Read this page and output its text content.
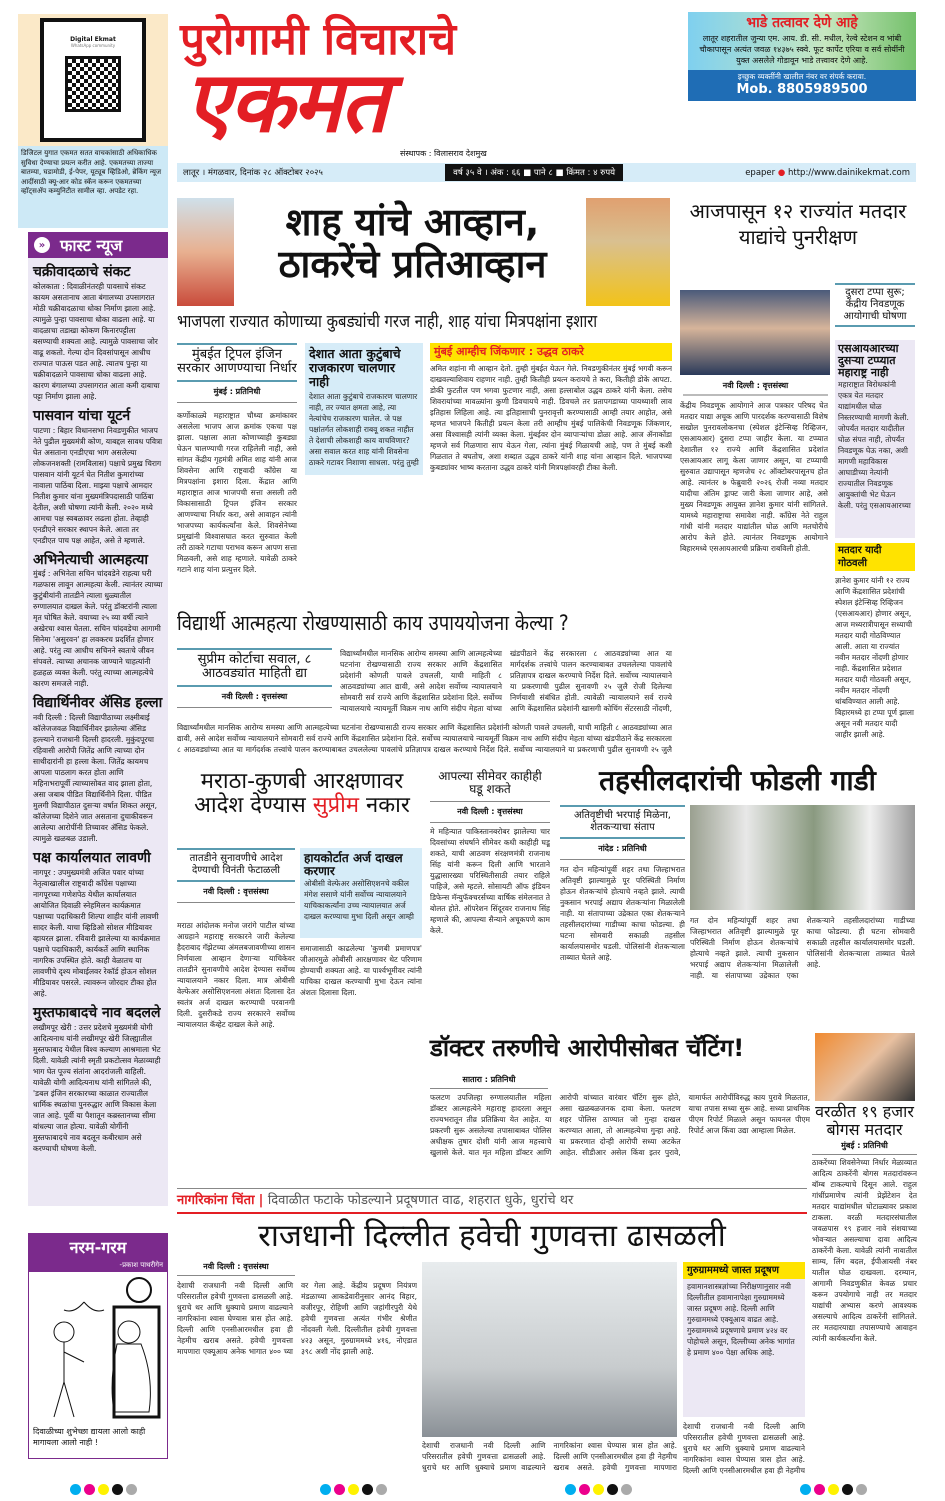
Digital Ekmat
WhatsApp community
डिजिटल युगात एकमत सतत वाचकांसाठी अधिकाधिक सुविधा देण्याचा प्रयत्न करीत आहे. एकमतच्या ताज्या बातम्या, घडामोडी, ई-पेपर, यूट्यूब व्हिडिओ, ब्रेकिंग न्यूज आदींसाठी क्यू-आर कोड स्कॅन करून एकमतच्या व्हॉट्सअ‍ॅप कम्युनिटीत सामील व्हा. अपडेट रहा.
» फास्ट न्यूज
चक्रीवादळाचे संकट
कोलकाता : दिवाळीनंतरही पावसाचे संकट कायम असतानाच आता बंगालच्या उपसागरात मोठी चक्रीवादळाचा धोका निर्माण झाला आहे. त्यामुळे पुन्हा पावसाचा धोका वाढला आहे. या वादळाचा तडाखा कोकण किनारपट्टीला बसण्याची शक्यता आहे. त्यामुळे पावसाचा जोर वाढू शकतो. गेल्या दोन दिवसांपासून आधीच राज्यात पाऊस पडत आहे. त्यातच पुन्हा या चक्रीवादळाने पावसाचा धोका वाढला आहे. कारण बंगालच्या उपसागरात आता कमी दाबाचा पट्टा निर्माण झाला आहे.
पासवान यांचा यूटर्न
पाटणा : बिहार विधानसभा निवडणुकीत भाजप नेते पुढील मुख्यमंत्री कोण, याबद्दल सावध पवित्रा घेत असताना एनडीएचा भाग असलेल्या लोकजनशक्ती (रामविलास) पक्षाचे प्रमुख चिराग पासवान यांनी यूटर्न घेत नितीश कुमारांच्या नावाला पाठिंबा दिला. माझ्या पक्षाचे आमदार नितीश कुमार यांना मुख्यमंत्रिपदासाठी पाठिंबा देतील, अशी घोषणा त्यांनी केली. २०२० मध्ये आमचा पक्ष स्वबळावर लढला होता. तेव्हाही एनडीएने सरकार स्थापन केले. आता तर एनडीएत पाच पक्ष आहेत, असे ते म्हणाले.
अभिनेत्याची आत्महत्या
मुंबई : अभिनेता सचिन चांदवडेने राहत्या घरी गळफास लावून आत्महत्या केली. त्यानंतर त्याच्या कुटुंबीयांनी तातडीने त्याला धुळ्यातील रुग्णालयात दाखल केले. परंतु डॉक्टरांनी त्याला मृत घोषित केले. वयाच्या २५ व्या वर्षी त्याने अखेरचा श्वास घेतला. सचिन चांदवडेचा आगामी सिनेमा 'असुरवन' हा लवकरच प्रदर्शित होणार आहे. परंतु त्या आधीच सचिनने स्वतःचे जीवन संपवले. त्याच्या अचानक जाण्याने चाहत्यांनी हळहळ व्यक्त केली. परंतु त्याच्या आत्महत्येचे कारण समजले नाही.
विद्यार्थिनीवर ॲसिड हल्ला
नवी दिल्ली : दिल्ली विद्यापीठाच्या लक्ष्मीबाई कॉलेजजवळ विद्यार्थिनीवर झालेल्या ॲसिड हल्ल्याने राजधानी दिल्ली हादरली. मुकुंदपूरचा रहिवासी आरोपी जितेंद्र आणि त्याच्या दोन साथीदारांनी हा हल्ला केला. जितेंद्र कायमच आपला पाठलाग करत होता आणि महिनाभरापूर्वी त्याच्यासोबत वाद झाला होता, असा जबाब पीडित विद्यार्थिनीने दिला. पीडित मुलगी विद्यापीठात दुसऱ्या वर्षात शिकत असून, कॉलेजच्या दिशेने जात असताना दुचाकीवरून आलेल्या आरोपींनी तिच्यावर ॲसिड फेकले. त्यामुळे खळबळ उडाली.
पक्ष कार्यालयात लावणी
नागपूर : उपमुख्यमंत्री अजित पवार यांच्या नेतृत्वाखालील राष्ट्रवादी काँग्रेस पक्षाच्या नागपूरच्या गणेशपेठ येथील कार्यालयात आयोजित दिवाळी स्नेहमिलन कार्यक्रमात पक्षाच्या पदाधिकारी शिल्पा शाहीर यांनी लावणी सादर केली. याचा व्हिडिओ सोशल मीडियावर व्हायरल झाला. रविवारी झालेल्या या कार्यक्रमात पक्षाचे पदाधिकारी, कार्यकर्ते आणि स्थानिक नागरिक उपस्थित होते. काही वेळातच या लावणीचे दृश्य मोबाईलवर रेकॉर्ड होऊन सोशल मीडियावर पसरले. त्यावरून जोरदार टीका होत आहे.
मुस्तफाबादचे नाव बदलले
लखीमपूर खेरी : उत्तर प्रदेशचे मुख्यमंत्री योगी आदित्यनाथ यांनी लखीमपूर खेरी जिल्ह्यातील मुस्तफाबाद येथील विश्व कल्याण आश्रमाला भेट दिली. यावेळी त्यांनी स्मृती प्रकटोत्सव मेळाव्याही भाग घेत पूज्य संतांना आदरांजली वाहिली. यावेळी योगी आदित्यनाथ यांनी सांगितले की, 'डबल इंजिन सरकारच्या काळात राज्यातील धार्मिक स्थळांचा पुनरुद्धार आणि विकास केला जात आहे. पूर्वी या पैशातून कब्रस्तानच्या सीमा बांधल्या जात होत्या. यावेळी योगींनी मुस्तफाबादचे नाव बदलून कबीरधाम असे करण्याची घोषणा केली.
नरम-गरम
-प्रकाश पाथरीगेन
दिवाळीच्या शुभेच्छा द्यायला आलो काही मागायला आलो नाही !
पुरोगामी विचाराचे
एकमत
संस्थापक : विलासराव देशमुख
भाडे तत्वावर देणे आहे
लातूर शहरातील जुन्या एम. आय. डी. सी. मधील, रेल्वे स्टेशन व भांबी चौकापासून अत्यंत जवळ १४३७५ स्क्वे. फूट कार्पेट एरिया व सर्व सोयींनी युक्त असलेले गोडावून भाडे तत्त्वावर देणे आहे.
इच्छुक व्यक्तींनी खालील नंबर वर संपर्क करावा.
Mob. 8805989500
लातूर । मंगळवार, दिनांक २८ ऑक्टोबर २०२५	वर्ष ३५ वे । अंक : ६६ ■ पाने ८ ■ किंमत : ४ रुपये	epaper ● http://www.dainikekmat.com
शाह यांचे आव्हान,
ठाकरेंचे प्रतिआव्हान
भाजपला राज्यात कोणाच्या कुबड्यांची गरज नाही, शाह यांचा मित्रपक्षांना इशारा
मुंबईत ट्रिपल इंजिन सरकार आणण्याचा निर्धार
मुंबई : प्रतिनिधी
कर्णोकाळ्ये महाराष्ट्रात चौथ्या क्रमांकावर असलेला भाजप आज क्रमांक एकचा पक्ष झाला. पक्षाला आता कोणाच्याही कुबड्या घेऊन चालण्याची गरज राहिलेली नाही, असे सांगत केंद्रीय गृहमंत्री अमित शाह यांनी आज शिवसेना आणि राष्ट्रवादी काँग्रेस या मित्रपक्षांना इशारा दिला. केंद्रात आणि महाराष्ट्रात आज भाजपची सत्ता असली तरी विकासासाठी ट्रिपल इंजिन सरकार आणण्याचा निर्धार करा, असे आवाहन त्यांनी भाजपच्या कार्यकर्त्यांना केले. शिवसेनेच्या प्रमुखांनी विश्वासघात करत सुरुवात केली तरी ठाकरे गटाचा पराभव करून आपण सत्ता मिळवली, असे शाह म्हणाले. यावेळी ठाकरे गटाने शाह यांना प्रत्युत्तर दिले.
देशात आता कुटुंबाचे राजकारण चालणार नाही
देशात आता कुटुंबाचे राजकारण चालणार नाही, तर ज्यात क्षमता आहे, त्या नेत्यांचेच राजकारण चालेल. जे पक्ष पक्षांतर्गत लोकशाही राबवू शकत नाहीत ते देशाची लोकशाही काय वाचविणार? असा सवाल करत शाह यांनी शिवसेना ठाकरे गटावर निशाणा साधला. परंतु तुम्ही
मुंबई आम्हीच जिंकणार : उद्धव ठाकरे
अमित शहांना मी आव्हान देतो. तुम्ही मुंबईत येऊन गेले. निवडणुकीनंतर मुंबई भगवी करून दाखवल्याशिवाय राहणार नाही. तुम्ही कितीही प्रयत्न करायचे ते करा, कितीही डोके आपटा. डोकी फुटतील पण भगवा फुटणार नाही, असा हल्लाबोल उद्धव ठाकरे यांनी केला. तसेच शिवरायांच्या मावळ्यांना कुणी डिवचायचे नाही. डिवचले तर प्रतापगडाच्या पायथ्याशी लाव इतिहास लिहिला आहे. त्या इतिहासाची पुनरावृत्ती करण्यासाठी आम्ही तयार आहोत, असे म्हणत भाजपने कितीही प्रयत्न केला तरी आम्हीच मुंबई पालिकेची निवडणूक जिंकणार, असा विश्वासही त्यांनी व्यक्त केला. मुंबईवर दोन व्यापाऱ्यांचा डोळा आहे. आज ॲनाकोंडा म्हणजे सर्व गिळणारा साप येऊन गेला, त्यांना मुंबई गिळायची आहे, पण ते मुंबई कशी गिळतात ते बघतोच, अशा शब्दात उद्धव ठाकरे यांनी शाह यांना आव्हान दिले. भाजपच्या कुबड्यांवर भाष्य करताना उद्धव ठाकरे यांनी मित्रपक्षांवरही टीका केली.
आजपासून १२ राज्यांत मतदार याद्यांचे पुनरीक्षण
नवी दिल्ली : वृत्तसंस्था
केंद्रीय निवडणूक आयोगाने आज पत्रकार परिषद घेत मतदार याद्या अचूक आणि पारदर्शक करण्यासाठी विशेष सखोल पुनरावलोकनचा (स्पेशल इंटेन्सिव्ह रिव्हिजन, एसआयआर) दुसरा टप्पा जाहीर केला. या टप्प्यात देशातील १२ राज्ये आणि केंद्रशासित प्रदेशांत एसआयआर लागू केला जाणार असून, या टप्प्याची सुरुवात उद्यापासून म्हणजेच २८ ऑक्टोबरपासूनच होत आहे. त्यानंतर ७ फेब्रुवारी २०२६ रोजी नव्या मतदार यादीचा अंतिम ड्राफ्ट जारी केला जाणार आहे, असे मुख्य निवडणूक आयुक्त ज्ञानेश कुमार यांनी सांगितले. यामध्ये महाराष्ट्राचा समावेश नाही. काँग्रेस नेते राहुल गांधी यांनी मतदार याद्यांतील घोळ आणि मतचोरीचे आरोप केले होते. त्यानंतर निवडणूक आयोगाने बिहारमध्ये एसआयआरची प्रक्रिया राबविली होती.
दुसरा टप्पा सुरू; केंद्रीय निवडणूक आयोगाची घोषणा
एसआयआरच्या दुसऱ्या टप्प्यात महाराष्ट्र नाही
महाराष्ट्रात विरोधकांनी एकत्र येत मतदार याद्यांमधील घोळ निस्तरण्याची मागणी केली. जोपर्यंत मतदार यादीतील घोळ संपत नाही, तोपर्यंत निवडणूक घेऊ नका, अशी मागणी महाविकास आघाडीच्या नेत्यांनी राज्यातील निवडणूक आयुक्तांची भेट घेऊन केली. परंतु एसआयआरच्या
मतदार यादी गोठवली
ज्ञानेश कुमार यांनी १२ राज्य आणि केंद्रशासित प्रदेशांची स्पेशल इंटेन्सिव्ह रिव्हिजन (एसआयआर) होणार असून, आज मध्यरात्रीपासून सध्याची मतदार यादी गोठविण्यात आली. आता या राज्यांत नवीन मतदार नोंदणी होणार नाही. केंद्रशासित प्रदेशात मतदार यादी गोठवली असून, नवीन मतदार नोंदणी थांबविण्यात आली आहे. बिहारमध्ये हा टप्पा पूर्ण झाला असून नवी मतदार यादी जाहीर झाली आहे.
विद्यार्थी आत्महत्या रोखण्यासाठी काय उपाययोजना केल्या ?
सुप्रीम कोर्टाचा सवाल, ८ आठवड्यांत माहिती द्या
नवी दिल्ली : वृत्तसंस्था
विद्यार्थ्यांमधील मानसिक आरोग्य समस्या आणि आत्महत्येच्या घटनांना रोखण्यासाठी राज्य सरकार आणि केंद्रशासित प्रदेशांनी कोणती पावले उचलली, याची माहिती ८ आठवड्यांच्या आत द्यावी, असे आदेश सर्वोच्च न्यायालयाने सोमवारी सर्व राज्ये आणि केंद्रशासित प्रदेशांना दिले. सर्वोच्च न्यायालयाचे न्यायमूर्ती विक्रम नाथ आणि संदीप मेहता यांच्या खंडपीठाने केंद्र सरकारला ८ आठवड्यांच्या आत या मार्गदर्शक तत्त्वांचे पालन करण्याबाबत उचललेल्या पावलांचे प्रतिज्ञापत्र दाखल करण्याचे निर्देश दिले. सर्वोच्च न्यायालयाने या प्रकरणाची पुढील सुनावणी २५ जुलै
विद्यार्थ्यांमधील मानसिक आरोग्य समस्या आणि आत्महत्येच्या घटनांना रोखण्यासाठी राज्य सरकार आणि केंद्रशासित प्रदेशांनी कोणती पावले उचलली, याची माहिती ८ आठवड्यांच्या आत द्यावी, असे आदेश सर्वोच्च न्यायालयाने सोमवारी सर्व राज्ये आणि केंद्रशासित प्रदेशांना दिले. सर्वोच्च न्यायालयाचे न्यायमूर्ती विक्रम नाथ आणि संदीप मेहता यांच्या खंडपीठाने केंद्र सरकारला ८ आठवड्यांच्या आत या मार्गदर्शक तत्त्वांचे पालन करण्याबाबत उचललेल्या पावलांचे प्रतिज्ञापत्र दाखल करण्याचे निर्देश दिले. सर्वोच्च न्यायालयाने या प्रकरणाची पुढील सुनावणी २५ जुलै रोजी दिलेल्या निर्णयाशी संबंधित होती. त्यावेळी न्यायालयाने सर्व राज्ये आणि केंद्रशासित प्रदेशांनी खासगी कोचिंग सेंटरसाठी नोंदणी,
मराठा-कुणबी आरक्षणावर
आदेश देण्यास सुप्रीम नकार
तातडीने सुनावणीचे आदेश देण्याची विनंती फेटाळली
नवी दिल्ली : वृत्तसंस्था
मराठा आंदोलक मनोज जरांगे पाटील यांच्या आग्रहाने महाराष्ट्र सरकारने जारी केलेल्या हैदराबाद गॅझेटच्या अंमलबजावणीच्या शासन निर्णयाला आव्हान देणाऱ्या याचिकेवर तातडीने सुनावणीचे आदेश देण्यास सर्वोच्च न्यायालयाने नकार दिला. मात्र ओबीसी वेल्फेअर असोसिएशनला अंशतः दिलासा देत स्वतंत्र अर्ज दाखल करण्याची परवानगी दिली. दुसरीकडे राज्य सरकारने सर्वोच्च न्यायालयात कॅव्हेट दाखल केले आहे.
हायकोर्टात अर्ज दाखल करणार
ओबीसी वेल्फेअर असोसिएशनचे वकील मंगेश ससाणे यांनी सर्वोच्च न्यायालयाने याचिकाकर्त्यांना उच्च न्यायालयात अर्ज दाखल करण्याचा मुभा दिली असून आम्ही
समाजासाठी काढलेल्या 'कुणबी प्रमाणपत्र' जीआरमुळे ओबीसी आरक्षणावर थेट परिणाम होण्याची शक्यता आहे. या पार्श्वभूमीवर त्यांनी याचिका दाखल करण्याची मुभा देऊन त्यांना अंशतः दिलासा दिला.
आपल्या सीमेवर काहीही घडू शकते
नवी दिल्ली : वृत्तसंस्था
मे महिन्यात पाकिस्तानबरोबर झालेल्या चार दिवसांच्या संघर्षाने सीमेवर कधी काहीही घडू शकते, याची आठवण संरक्षणमंत्री राजनाथ सिंह यांनी करून दिली आणि भारताने युद्धासारख्या परिस्थितीसाठी तयार राहिले पाहिजे, असे म्हटले. सोसायटी ऑफ इंडियन डिफेन्स मॅन्युफॅक्चरर्सच्या वार्षिक संमेलनात ते बोलत होते. ऑपरेशन सिंदूरवर राजनाथ सिंह म्हणाले की, आपल्या सैन्याने अचूकपणे काम केले.
तहसीलदारांची फोडली गाडी
अतिवृष्टीची भरपाई मिळेना, शेतकऱ्याचा संताप
नांदेड : प्रतिनिधी
गत दोन महिन्यांपूर्वी शहर तथा जिल्हाभरात अतिवृष्टी झाल्यामुळे पूर परिस्थिती निर्माण होऊन शेतकऱ्यांचे होत्याचे नव्हते झाले. त्याची नुकसान भरपाई अद्याप शेतकऱ्यांना मिळालेली नाही. या संतापाच्या उद्रेकात एका शेतकऱ्याने तहसीलदारांच्या गाडीच्या काचा फोडल्या. ही घटना सोमवारी सकाळी तहसील कार्यालयासमोर घडली. पोलिसांनी शेतकऱ्याला ताब्यात घेतले आहे.
गत दोन महिन्यांपूर्वी शहर तथा जिल्हाभरात अतिवृष्टी झाल्यामुळे पूर परिस्थिती निर्माण होऊन शेतकऱ्यांचे होत्याचे नव्हते झाले. त्याची नुकसान भरपाई अद्याप शेतकऱ्यांना मिळालेली नाही. या संतापाच्या उद्रेकात एका शेतकऱ्याने तहसीलदारांच्या गाडीच्या काचा फोडल्या. ही घटना सोमवारी सकाळी तहसील कार्यालयासमोर घडली. पोलिसांनी शेतकऱ्याला ताब्यात घेतले आहे.
डॉक्टर तरुणीचे आरोपीसोबत चॅटिंग!
सातारा : प्रतिनिधी
फलटण उपजिल्हा रुग्णालयातील महिला डॉक्टर आत्महत्येने महाराष्ट्र हादरला असून राज्यभरातून तीव्र प्रतिक्रिया येत आहेत. या प्रकरणी सुरू असलेल्या तपासाबाबत पोलिस अधीक्षक तुषार दोशी यांनी आज महत्त्वाचे खुलासे केले. यात मृत महिला डॉक्टर आणि आरोपी यांच्यात वारंवार चॅटिंग सुरू होते, असा खळबळजनक दावा केला. फलटण शहर पोलिस ठाण्यात जो गुन्हा दाखल करण्यात आला, तो आत्महत्येचा गुन्हा आहे. या प्रकरणात दोन्ही आरोपी सध्या अटकेत आहेत. सीडीआर असेल किंवा इतर पुरावे, यामार्फत आरोपींविरुद्ध काय पुरावे मिळतात, याचा तपास सध्या सुरू आहे. सध्या प्राथमिक पीएम रिपोर्ट मिळाले असून फायनल पीएम रिपोर्ट आज किंवा उद्या आम्हाला मिळेल.
वरळीत १९ हजार बोगस मतदार
मुंबई : प्रतिनिधी
ठाकरेंच्या शिवसेनेच्या निर्धार मेळाव्यात आदित्य ठाकरेंनी बोगस मतदारांवरून बॉम्ब टाकल्याचे दिसून आले. राहुल गांधींप्रमाणेच त्यांनी प्रेझेंटेशन देत मतदार याद्यांमधील घोटाळ्यावर प्रकाश टाकला. वरळी मतदारसंघातील जवळपास १९ हजार नावे संशयाच्या भोवऱ्यात असल्याचा दावा आदित्य ठाकरेंनी केला. यावेळी त्यांनी नावातील साम्य, लिंग बदल, ईपीआयसी नंबर यातील घोळ दाखवला. दरम्यान, आगामी निवडणुकीत केवळ प्रचार करून उपयोगाचे नाही तर मतदार याद्यांची अभ्यास करणे आवश्यक असल्याचे आदित्य ठाकरेंनी सांगितले. तर मतदारयाद्या तपासण्याचे आवाहन त्यांनी कार्यकर्त्यांना केले.
नागरिकांना चिंता | दिवाळीत फटाके फोडल्याने प्रदूषणात वाढ, शहरात धुके, धुरांचे थर
राजधानी दिल्लीत हवेची गुणवत्ता ढासळली
नवी दिल्ली : वृत्तसंस्था
देशाची राजधानी नवी दिल्ली आणि परिसरातील हवेची गुणवत्ता ढासळली आहे. धुराचे थर आणि धुक्याचे प्रमाण वाढल्याने नागरिकांना श्वास घेण्यास त्रास होत आहे. दिल्ली आणि एनसीआरमधील हवा ही नेहमीच खराब असते. हवेची गुणवत्ता मापणारा एक्यूआय अनेक भागात ४०० च्या वर गेला आहे. केंद्रीय प्रदूषण नियंत्रण मंडळाच्या आकडेवारीनुसार आनंद विहार, वजीरपूर, रोहिणी आणि जहांगीरपुरी येथे हवेची गुणवत्ता अत्यंत गंभीर श्रेणीत नोंदवली गेली. दिल्लीतील हवेची गुणवत्ता ४२३ असून, गुरुग्राममध्ये ४१६, नोएडात ३९८ अशी नोंद झाली आहे.
देशाची राजधानी नवी दिल्ली आणि परिसरातील हवेची गुणवत्ता ढासळली आहे. धुराचे थर आणि धुक्याचे प्रमाण वाढल्याने नागरिकांना श्वास घेण्यास त्रास होत आहे. दिल्ली आणि एनसीआरमधील हवा ही नेहमीच खराब असते. हवेची गुणवत्ता मापणारा
गुरुग्राममध्ये जास्त प्रदूषण
हवामानशास्त्रज्ञांच्या निरीक्षणानुसार नवी दिल्लीतील हवामानापेक्षा गुरुग्राममध्ये जास्त प्रदूषण आहे. दिल्ली आणि गुरुग्राममध्ये एक्यूआय वाढत आहे. गुरुग्राममध्ये प्रदूषणाचे प्रमाण ४२४ वर पोहोचले असून, दिल्लीच्या अनेक भागांत हे प्रमाण ४०० पेक्षा अधिक आहे.
देशाची राजधानी नवी दिल्ली आणि परिसरातील हवेची गुणवत्ता ढासळली आहे. धुराचे थर आणि धुक्याचे प्रमाण वाढल्याने नागरिकांना श्वास घेण्यास त्रास होत आहे. दिल्ली आणि एनसीआरमधील हवा ही नेहमीच
